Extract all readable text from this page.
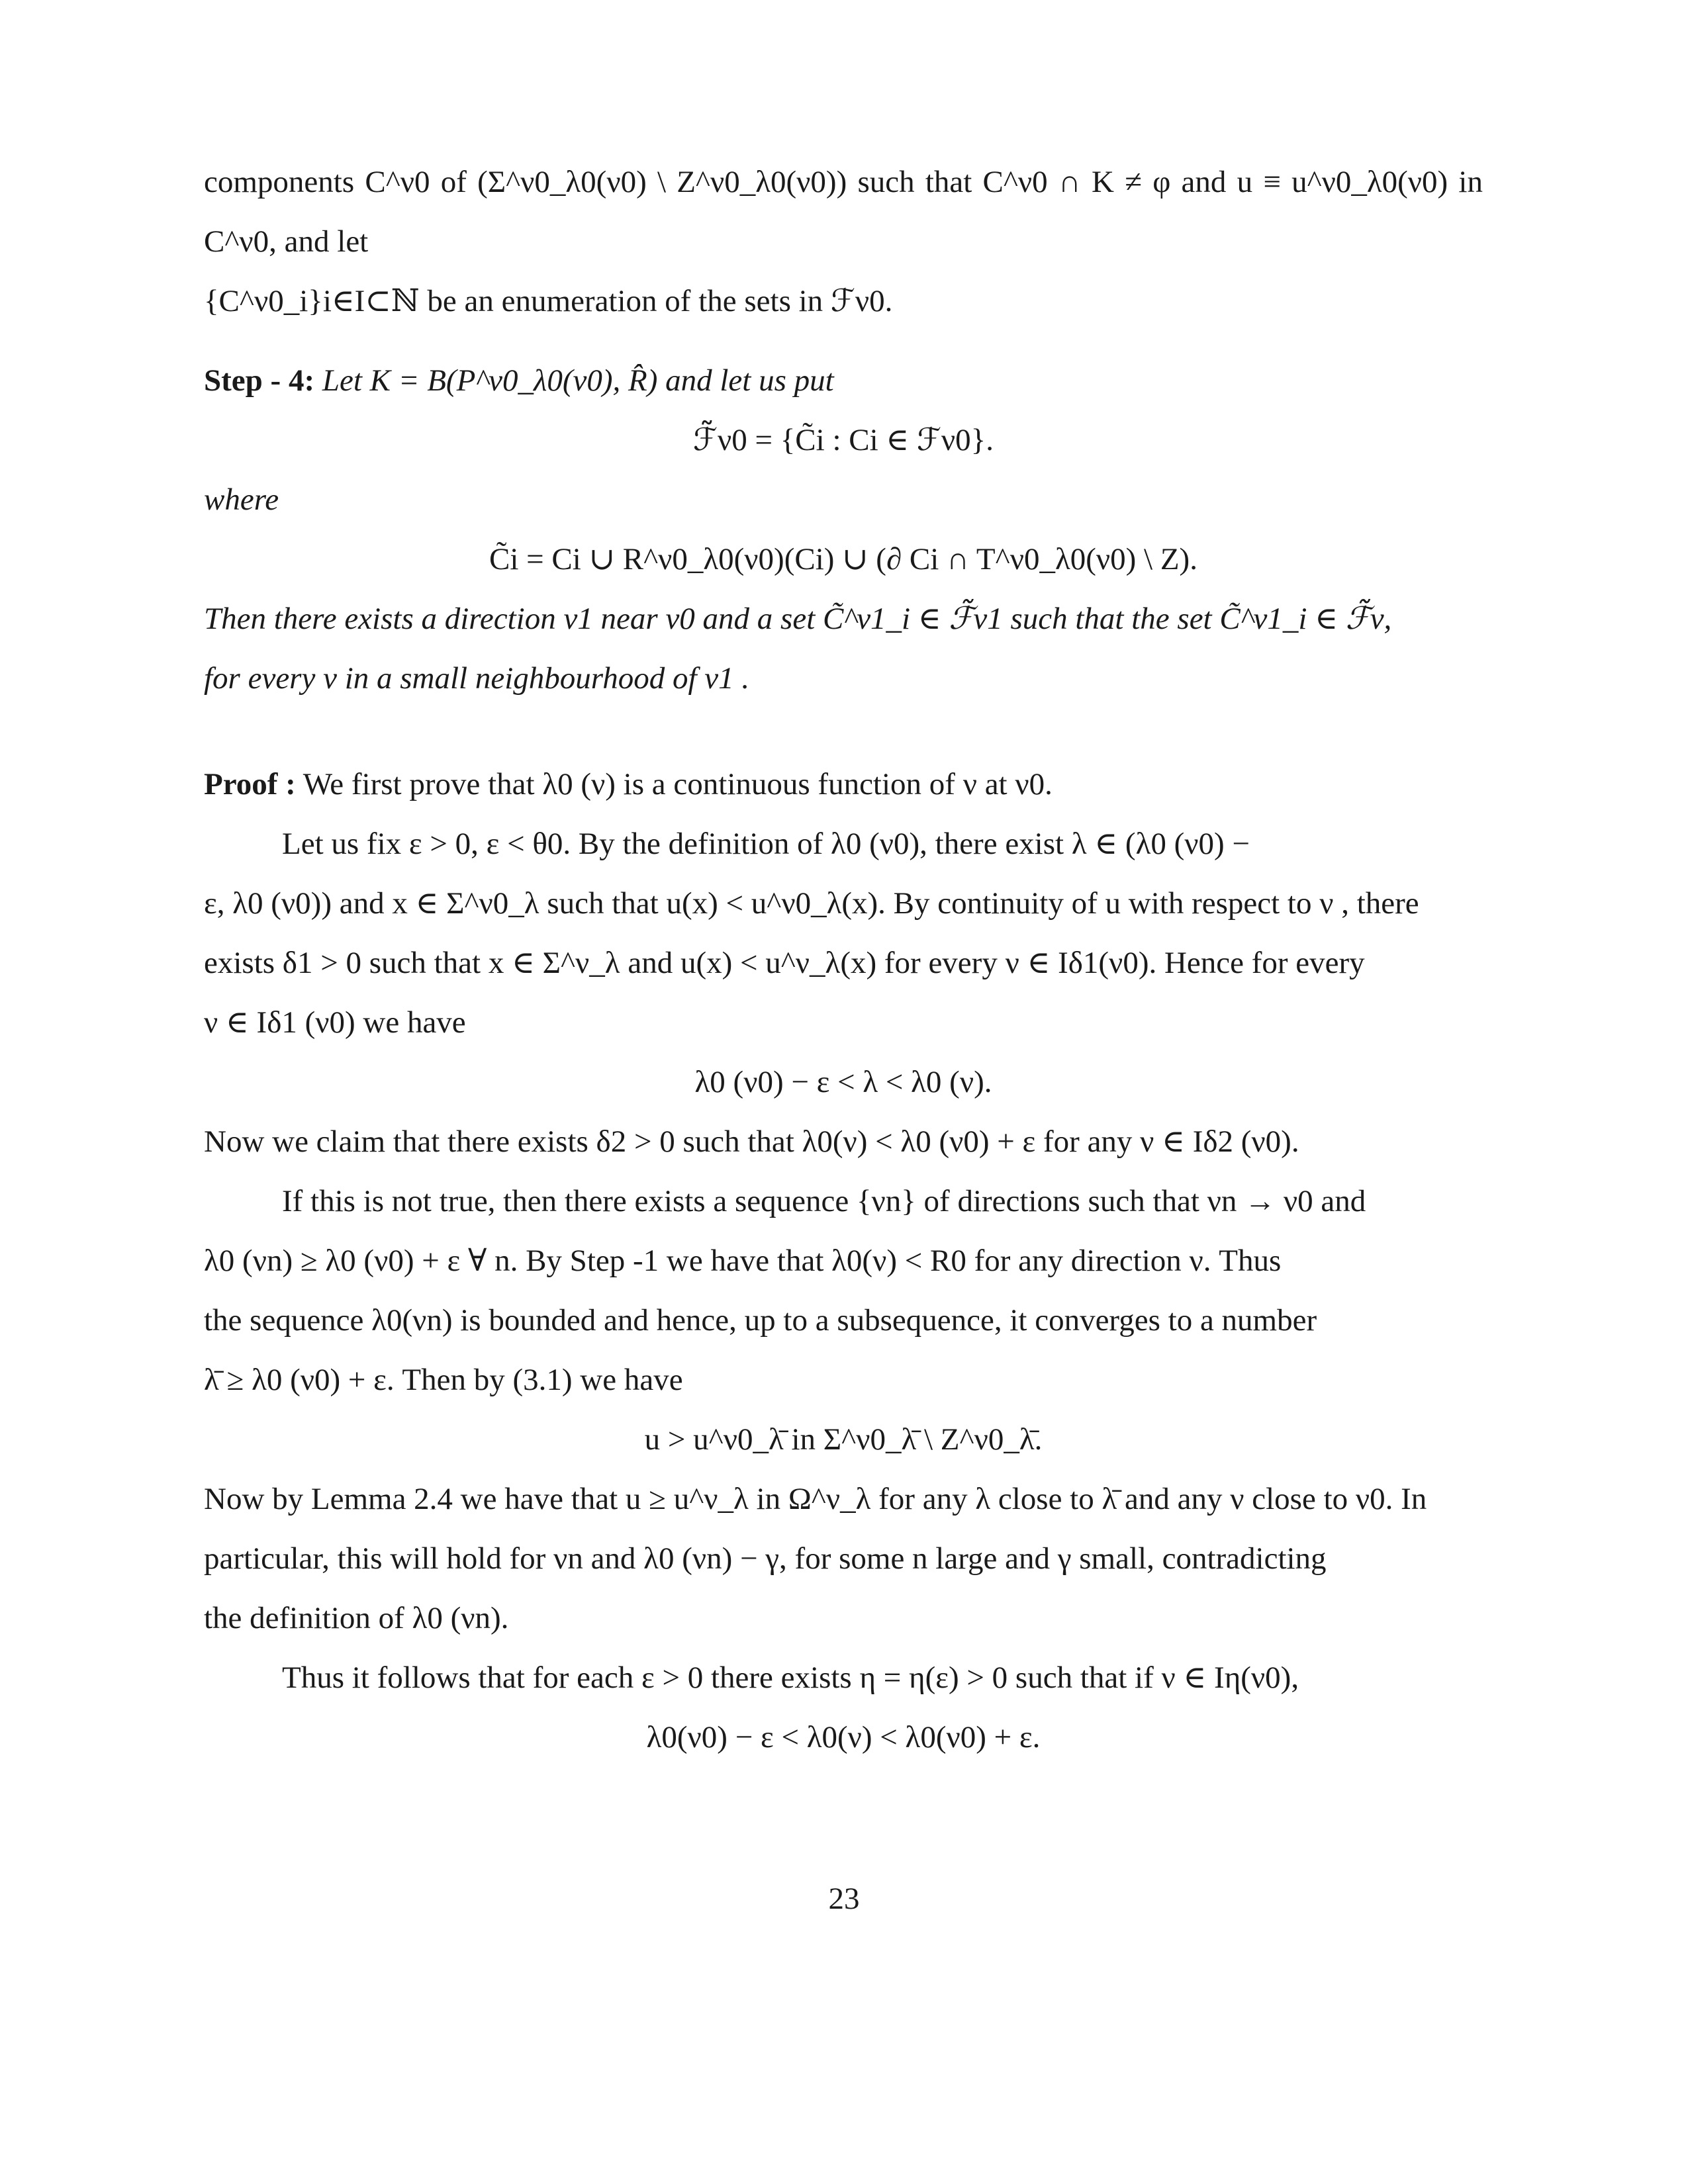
components C^ν0 of (Σ^ν0_λ0(ν0) \ Z^ν0_λ0(ν0)) such that C^ν0 ∩ K ≠ φ and u ≡ u^ν0_λ0(ν0) in C^ν0, and let
{C^ν0_i}i∈I⊂ℕ be an enumeration of the sets in ℱν0.

Step - 4: Let K = B(P^ν0_λ0(ν0), R̂) and let us put

ℱ̃ν0 = {C̃i : Ci ∈ ℱν0}.

where

C̃i = Ci ∪ R^ν0_λ0(ν0)(Ci) ∪ (∂ Ci ∩ T^ν0_λ0(ν0) \ Z).

Then there exists a direction ν1 near ν0 and a set C̃^ν1_i ∈ ℱ̃ν1 such that the set C̃^ν1_i ∈ ℱ̃ν,
for every ν in a small neighbourhood of ν1 .

Proof : We first prove that λ0 (ν) is a continuous function of ν at ν0.

Let us fix ε > 0, ε < θ0. By the definition of λ0 (ν0), there exist λ ∈ (λ0 (ν0) −
ε, λ0 (ν0)) and x ∈ Σ^ν0_λ such that u(x) < u^ν0_λ(x). By continuity of u with respect to ν , there
exists δ1 > 0 such that x ∈ Σ^ν_λ and u(x) < u^ν_λ(x) for every ν ∈ Iδ1(ν0). Hence for every
ν ∈ Iδ1 (ν0) we have

λ0 (ν0) − ε < λ < λ0 (ν).

Now we claim that there exists δ2 > 0 such that λ0(ν) < λ0 (ν0) + ε for any ν ∈ Iδ2 (ν0).

If this is not true, then there exists a sequence {νn} of directions such that νn → ν0 and
λ0 (νn) ≥ λ0 (ν0) + ε ∀ n. By Step -1 we have that λ0(ν) < R0 for any direction ν. Thus
the sequence λ0(νn) is bounded and hence, up to a subsequence, it converges to a number
λ̄ ≥ λ0 (ν0) + ε. Then by (3.1) we have

u > u^ν0_λ̄ in Σ^ν0_λ̄ \ Z^ν0_λ̄.

Now by Lemma 2.4 we have that u ≥ u^ν_λ in Ω^ν_λ for any λ close to λ̄ and any ν close to ν0. In
particular, this will hold for νn and λ0 (νn) − γ, for some n large and γ small, contradicting
the definition of λ0 (νn).

Thus it follows that for each ε > 0 there exists η = η(ε) > 0 such that if ν ∈ Iη(ν0),

λ0(ν0) − ε < λ0(ν) < λ0(ν0) + ε.

23
